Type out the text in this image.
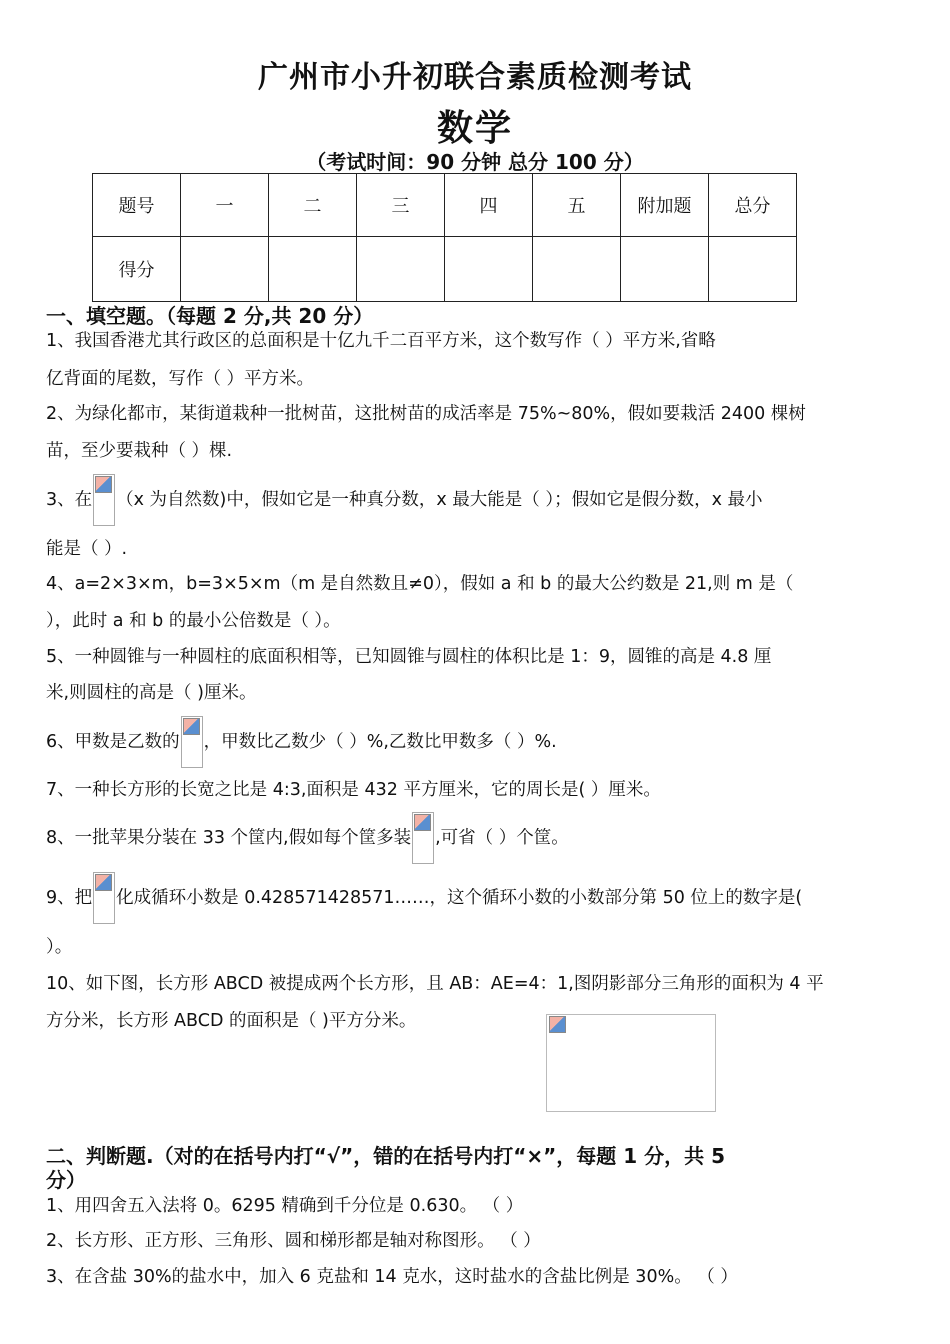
广州市小升初联合素质检测考试
数学
（考试时间：90 分钟 总分 100 分）
题号	一	二	三	四	五	附加题	总分
得分							
一、填空题。（每题 2 分,共 20 分）
1、我国香港尤其行政区的总面积是十亿九千二百平方米，这个数写作（ ）平方米,省略
亿背面的尾数，写作（ ）平方米。
2、为绿化都市，某街道栽种一批树苗，这批树苗的成活率是 75%~80%，假如要栽活 2400 棵树
苗，至少要栽种（ ）棵.
3、在 （x 为自然数)中，假如它是一种真分数，x 最大能是（ ）；假如它是假分数，x 最小
能是（ ）.
4、a=2×3×m，b=3×5×m（m 是自然数且≠0），假如 a 和 b 的最大公约数是 21,则 m 是（
），此时 a 和 b 的最小公倍数是（ ）。
5、一种圆锥与一种圆柱的底面积相等，已知圆锥与圆柱的体积比是 1：9，圆锥的高是 4.8 厘
米,则圆柱的高是（ )厘米。
6、甲数是乙数的 ，甲数比乙数少（ ）%,乙数比甲数多（ ）%.
7、一种长方形的长宽之比是 4:3,面积是 432 平方厘米，它的周长是( ）厘米。
8、一批苹果分装在 33 个筐内,假如每个筐多装 ,可省（ ）个筐。
9、把 化成循环小数是 0.428571428571……，这个循环小数的小数部分第 50 位上的数字是(
）。
10、如下图，长方形 ABCD 被提成两个长方形，且 AB：AE=4：1,图阴影部分三角形的面积为 4 平
方分米，长方形 ABCD 的面积是（ )平方分米。
二、判断题.（对的在括号内打“√”，错的在括号内打“×”，每题 1 分，共 5
分）
1、用四舍五入法将 0。6295 精确到千分位是 0.630。 （ ）
2、长方形、正方形、三角形、圆和梯形都是轴对称图形。 （ ）
3、在含盐 30%的盐水中，加入 6 克盐和 14 克水，这时盐水的含盐比例是 30%。 （ ）
